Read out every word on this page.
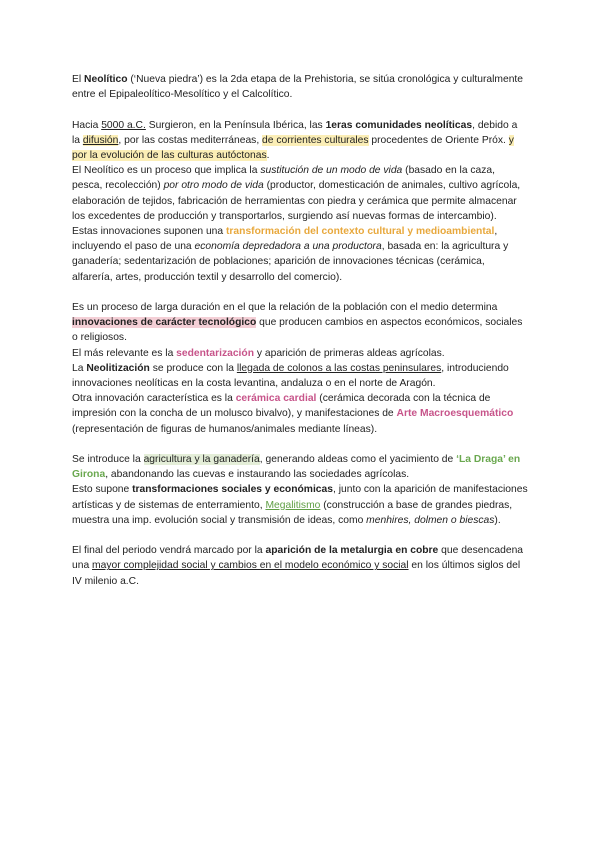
El Neolítico (‘Nueva piedra’) es la 2da etapa de la Prehistoria, se sitúa cronológica y culturalmente entre el Epipaleolítico-Mesolítico y el Calcolítico.

Hacia 5000 a.C. Surgieron, en la Península Ibérica, las 1eras comunidades neolíticas, debido a la difusión, por las costas mediterráneas, de corrientes culturales procedentes de Oriente Próx. y por la evolución de las culturas autóctonas.

El Neolítico es un proceso que implica la sustitución de un modo de vida (basado en la caza, pesca, recolección) por otro modo de vida (productor, domesticación de animales, cultivo agrícola, elaboración de tejidos, fabricación de herramientas con piedra y cerámica que permite almacenar los excedentes de producción y transportarlos, surgiendo así nuevas formas de intercambio).

Estas innovaciones suponen una transformación del contexto cultural y medioambiental, incluyendo el paso de una economía depredadora a una productora, basada en: la agricultura y ganadería; sedentarización de poblaciones; aparición de innovaciones técnicas (cerámica, alfarería, artes, producción textil y desarrollo del comercio).

Es un proceso de larga duración en el que la relación de la población con el medio determina innovaciones de carácter tecnológico que producen cambios en aspectos económicos, sociales o religiosos.

El más relevante es la sedentarización y aparición de primeras aldeas agrícolas.

La Neolitización se produce con la llegada de colonos a las costas peninsulares, introduciendo innovaciones neolíticas en la costa levantina, andaluza o en el norte de Aragón.

Otra innovación característica es la cerámica cardial (cerámica decorada con la técnica de impresión con la concha de un molusco bivalvo), y manifestaciones de Arte Macroesquemático (representación de figuras de humanos/animales mediante líneas).

Se introduce la agricultura y la ganadería, generando aldeas como el yacimiento de ‘La Draga’ en Girona, abandonando las cuevas e instaurando las sociedades agrícolas.

Esto supone transformaciones sociales y económicas, junto con la aparición de manifestaciones artísticas y de sistemas de enterramiento, Megalitismo (construcción a base de grandes piedras, muestra una imp. evolución social y transmisión de ideas, como menhires, dolmen o biescas).

El final del periodo vendrá marcado por la aparición de la metalurgia en cobre que desencadena una mayor complejidad social y cambios en el modelo económico y social en los últimos siglos del IV milenio a.C.
